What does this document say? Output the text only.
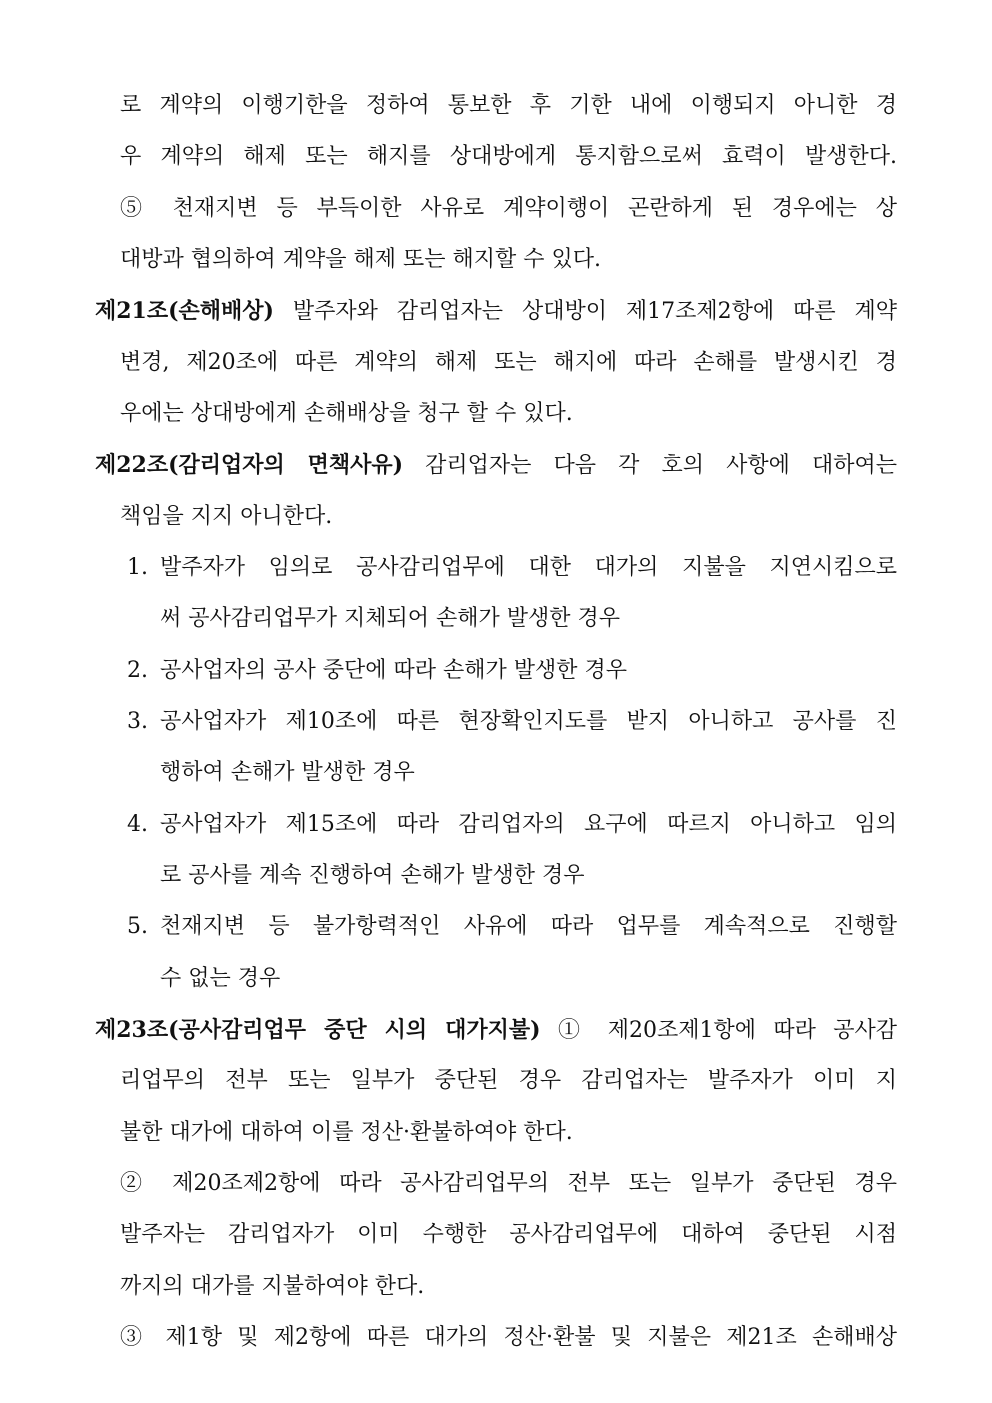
로 계약의 이행기한을 정하여 통보한 후 기한 내에 이행되지 아니한 경

우 계약의 해제 또는 해지를 상대방에게 통지함으로써 효력이 발생한다.

⑤ 천재지변 등 부득이한 사유로 계약이행이 곤란하게 된 경우에는 상

대방과 협의하여 계약을 해제 또는 해지할 수 있다.

제21조(손해배상) 발주자와 감리업자는 상대방이 제17조제2항에 따른 계약

변경, 제20조에 따른 계약의 해제 또는 해지에 따라 손해를 발생시킨 경

우에는 상대방에게 손해배상을 청구 할 수 있다.

제22조(감리업자의 면책사유) 감리업자는 다음 각 호의 사항에 대하여는

책임을 지지 아니한다.

1. 발주자가 임의로 공사감리업무에 대한 대가의 지불을 지연시킴으로

써 공사감리업무가 지체되어 손해가 발생한 경우

2. 공사업자의 공사 중단에 따라 손해가 발생한 경우

3. 공사업자가 제10조에 따른 현장확인지도를 받지 아니하고 공사를 진

행하여 손해가 발생한 경우

4. 공사업자가 제15조에 따라 감리업자의 요구에 따르지 아니하고 임의

로 공사를 계속 진행하여 손해가 발생한 경우

5. 천재지변 등 불가항력적인 사유에 따라 업무를 계속적으로 진행할

수 없는 경우

제23조(공사감리업무 중단 시의 대가지불) ① 제20조제1항에 따라 공사감

리업무의 전부 또는 일부가 중단된 경우 감리업자는 발주자가 이미 지

불한 대가에 대하여 이를 정산·환불하여야 한다.

② 제20조제2항에 따라 공사감리업무의 전부 또는 일부가 중단된 경우

발주자는 감리업자가 이미 수행한 공사감리업무에 대하여 중단된 시점

까지의 대가를 지불하여야 한다.

③ 제1항 및 제2항에 따른 대가의 정산·환불 및 지불은 제21조 손해배상
